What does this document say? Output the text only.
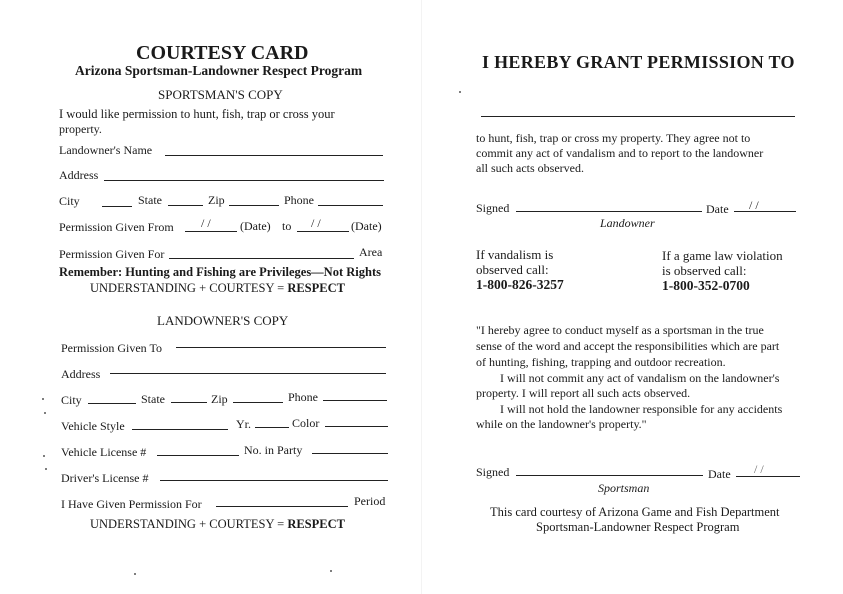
COURTESY CARD
Arizona Sportsman-Landowner Respect Program
SPORTSMAN'S COPY
I would like permission to hunt, fish, trap or cross your
property.
Landowner's Name
Address
City	State	Zip	Phone
Permission Given From / / (Date) to / /	(Date)
Permission Given For	Area
Remember: Hunting and Fishing are Privileges—Not Rights
UNDERSTANDING + COURTESY = RESPECT
LANDOWNER'S COPY
Permission Given To
Address
City	State	Zip	Phone
Vehicle Style	Yr.	Color
Vehicle License #	No. in Party
Driver's License #
I Have Given Permission For	Period
UNDERSTANDING + COURTESY = RESPECT
I HEREBY GRANT PERMISSION TO
to hunt, fish, trap or cross my property. They agree not to
commit any act of vandalism and to report to the landowner
all such acts observed.
Signed	Date / /
Landowner
If vandalism is
observed call:
1-800-826-3257
If a game law violation
is observed call:
1-800-352-0700
"I hereby agree to conduct myself as a sportsman in the true
sense of the word and accept the responsibilities which are part
of hunting, fishing, trapping and outdoor recreation.
I will not commit any act of vandalism on the landowner's
property. I will report all such acts observed.
I will not hold the landowner responsible for any accidents
while on the landowner's property."
Signed	Date / /
Sportsman
This card courtesy of Arizona Game and Fish Department
Sportsman-Landowner Respect Program
